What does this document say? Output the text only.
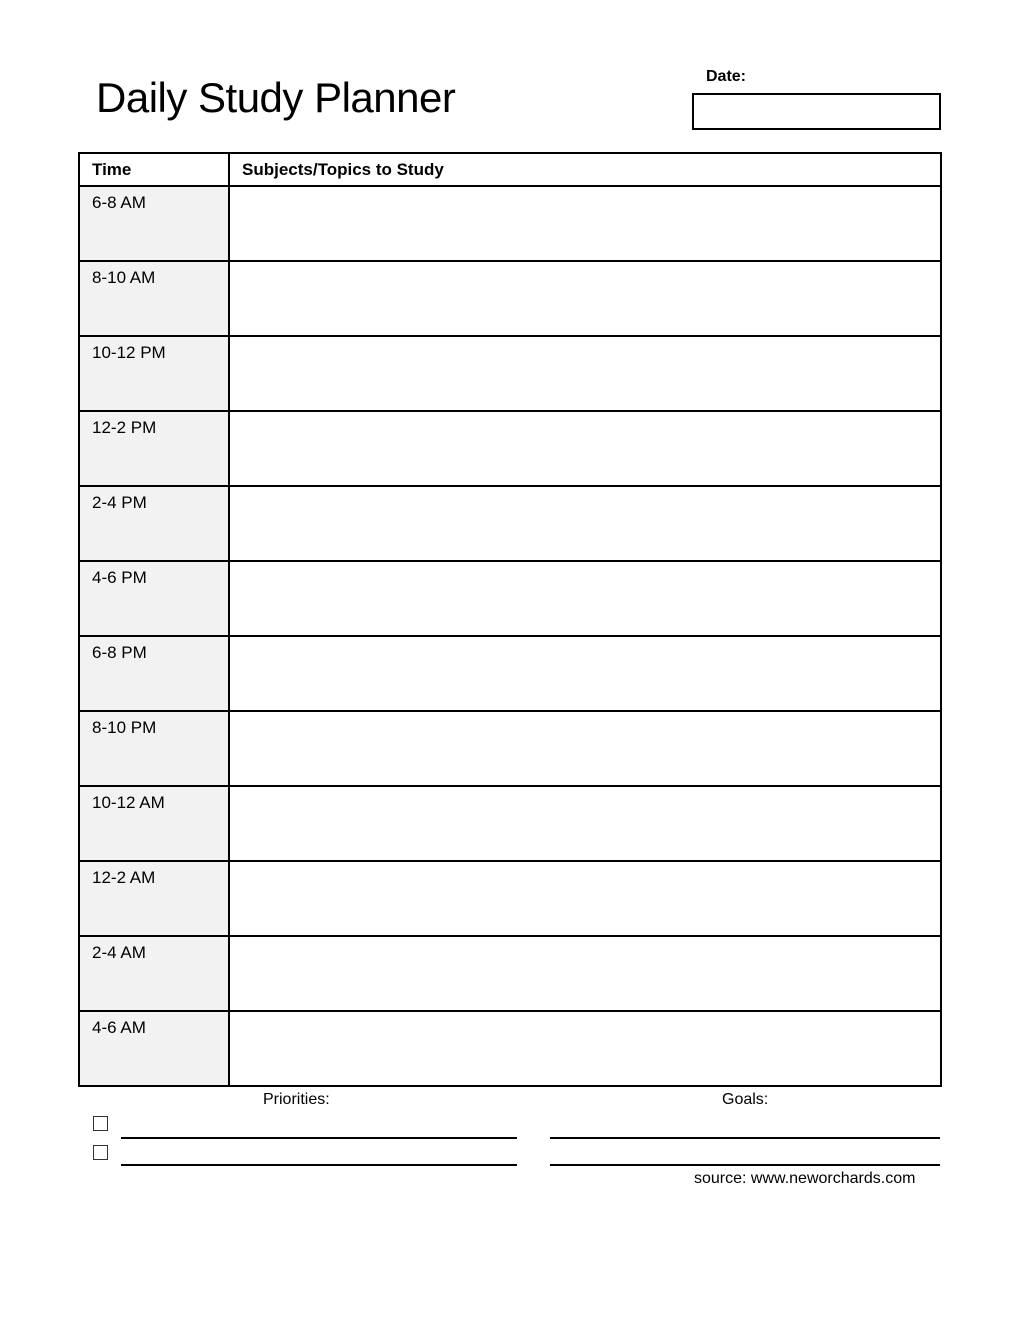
Daily Study Planner	Date:
Time	Subjects/Topics to Study
6-8 AM	
8-10 AM	
10-12 PM	
12-2 PM	
2-4 PM	
4-6 PM	
6-8 PM	
8-10 PM	
10-12 AM	
12-2 AM	
2-4 AM	
4-6 AM	
Priorities:	Goals:
source: www.neworchards.com
